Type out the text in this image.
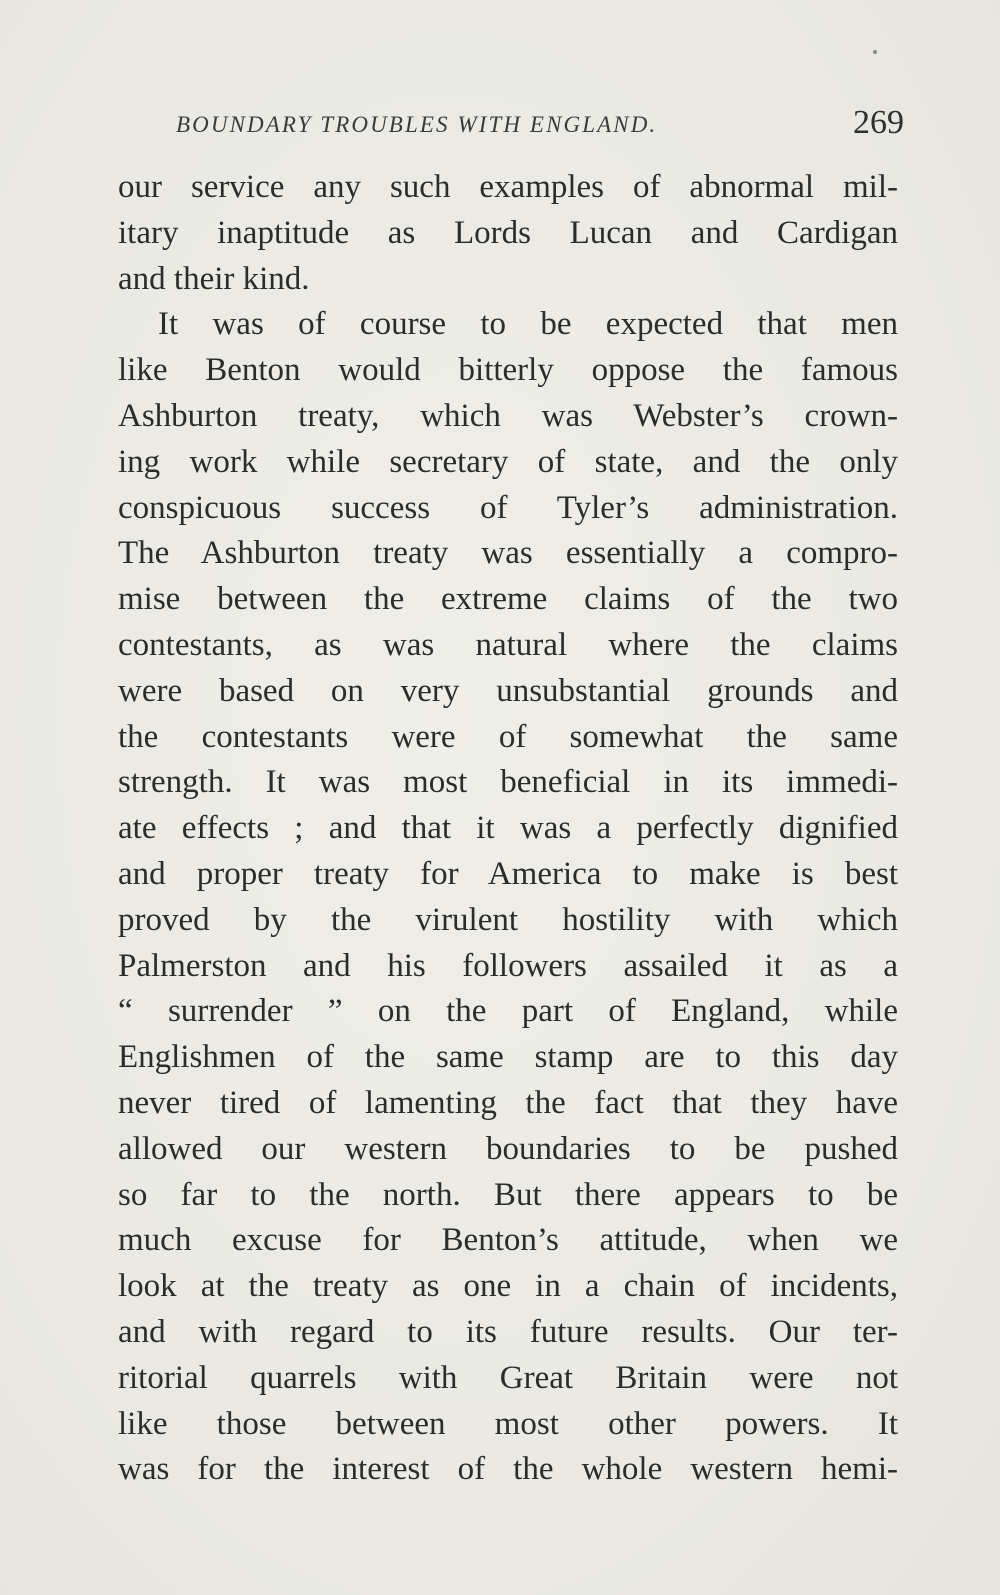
BOUNDARY TROUBLES WITH ENGLAND.	269
our service any such examples of abnormal mil-
itary inaptitude as Lords Lucan and Cardigan
and their kind.
It was of course to be expected that men
like Benton would bitterly oppose the famous
Ashburton treaty, which was Webster’s crown-
ing work while secretary of state, and the only
conspicuous success of Tyler’s administration.
The Ashburton treaty was essentially a compro-
mise between the extreme claims of the two
contestants, as was natural where the claims
were based on very unsubstantial grounds and
the contestants were of somewhat the same
strength. It was most beneficial in its immedi-
ate effects ; and that it was a perfectly dignified
and proper treaty for America to make is best
proved by the virulent hostility with which
Palmerston and his followers assailed it as a
“ surrender ” on the part of England, while
Englishmen of the same stamp are to this day
never tired of lamenting the fact that they have
allowed our western boundaries to be pushed
so far to the north. But there appears to be
much excuse for Benton’s attitude, when we
look at the treaty as one in a chain of incidents,
and with regard to its future results. Our ter-
ritorial quarrels with Great Britain were not
like those between most other powers. It
was for the interest of the whole western hemi-
